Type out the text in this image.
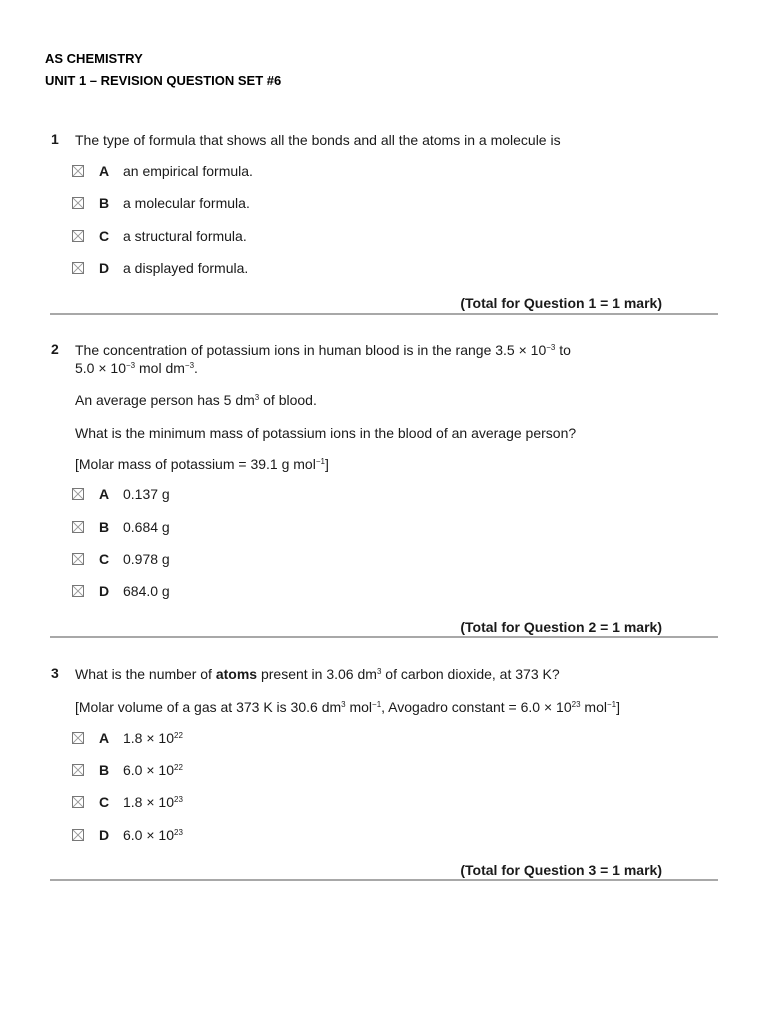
AS CHEMISTRY
UNIT 1 – REVISION QUESTION SET #6
1 The type of formula that shows all the bonds and all the atoms in a molecule is
A an empirical formula.
B a molecular formula.
C a structural formula.
D a displayed formula.
(Total for Question 1 = 1 mark)
2 The concentration of potassium ions in human blood is in the range $3.5 \times 10^{-3}$ to
$5.0 \times 10^{-3}$ mol $dm^{-3}$.
An average person has 5 $dm^3$ of blood.
What is the minimum mass of potassium ions in the blood of an average person?
[Molar mass of potassium = 39.1 g mol$^{-1}$]
A 0.137 g
B 0.684 g
C 0.978 g
D 684.0 g
(Total for Question 2 = 1 mark)
3 What is the number of atoms present in 3.06 $dm^3$ of carbon dioxide, at 373 K?
[Molar volume of a gas at 373 K is 30.6 $dm^3$ mol$^{-1}$, Avogadro constant = $6.0 \times 10^{23}$ mol$^{-1}$]
A $1.8 \times 10^{22}$
B $6.0 \times 10^{22}$
C $1.8 \times 10^{23}$
D $6.0 \times 10^{23}$
(Total for Question 3 = 1 mark)
